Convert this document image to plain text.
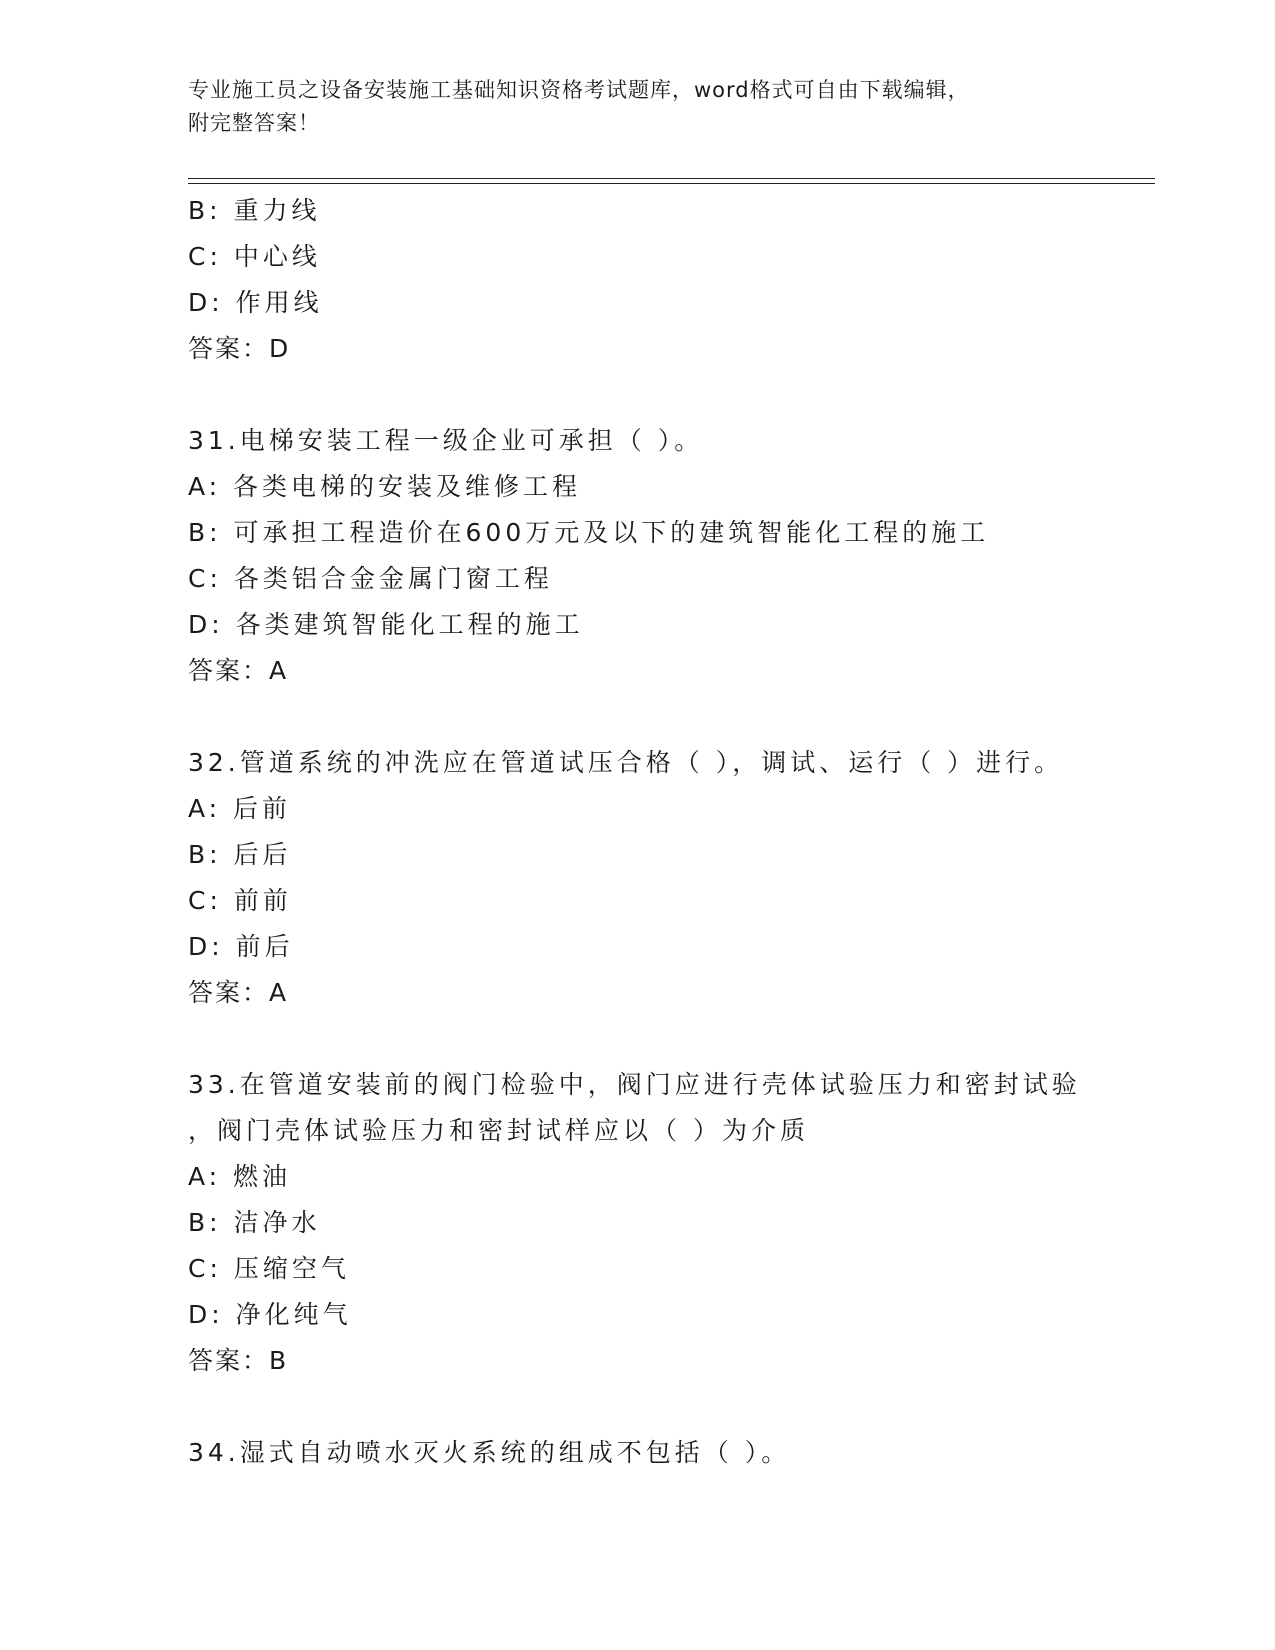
专业施工员之设备安装施工基础知识资格考试题库，word格式可自由下载编辑，
附完整答案！
B: 重力线
C: 中心线
D: 作用线
答案：D
31.电梯安装工程一级企业可承担（ ）。
A: 各类电梯的安装及维修工程
B: 可承担工程造价在600万元及以下的建筑智能化工程的施工
C: 各类铝合金金属门窗工程
D: 各类建筑智能化工程的施工
答案：A
32.管道系统的冲洗应在管道试压合格（ ），调试、运行（ ）进行。
A: 后前
B: 后后
C: 前前
D: 前后
答案：A
33.在管道安装前的阀门检验中，阀门应进行壳体试验压力和密封试验
，阀门壳体试验压力和密封试样应以（ ）为介质
A: 燃油
B: 洁净水
C: 压缩空气
D: 净化纯气
答案：B
34.湿式自动喷水灭火系统的组成不包括（ ）。
